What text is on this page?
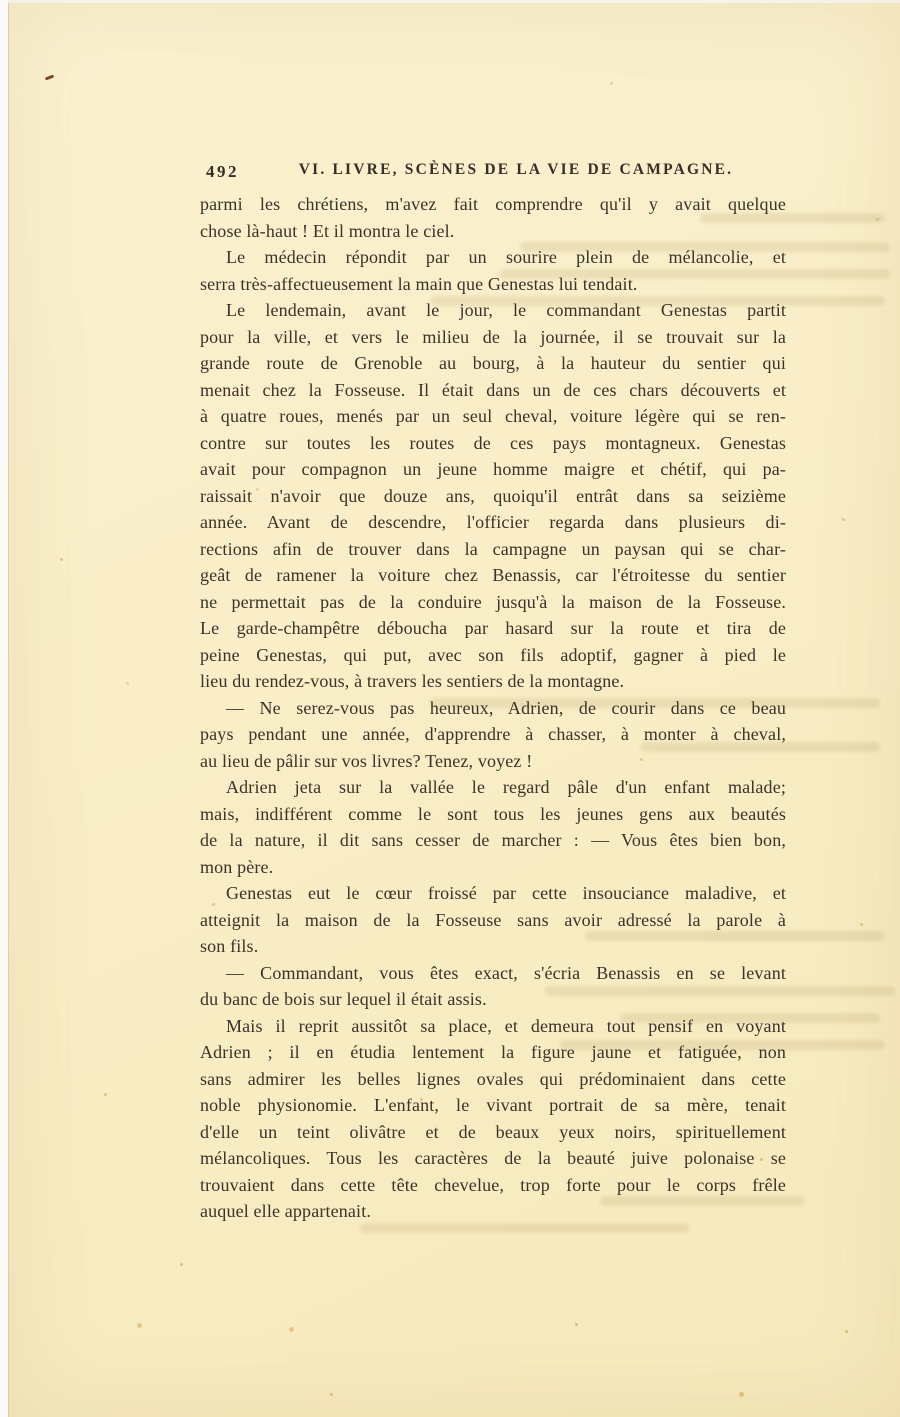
492	VI. LIVRE, SCÈNES DE LA VIE DE CAMPAGNE.
parmi les chrétiens, m'avez fait comprendre qu'il y avait quelque
chose là-haut ! Et il montra le ciel.
Le médecin répondit par un sourire plein de mélancolie, et
serra très-affectueusement la main que Genestas lui tendait.
Le lendemain, avant le jour, le commandant Genestas partit
pour la ville, et vers le milieu de la journée, il se trouvait sur la
grande route de Grenoble au bourg, à la hauteur du sentier qui
menait chez la Fosseuse. Il était dans un de ces chars découverts et
à quatre roues, menés par un seul cheval, voiture légère qui se ren-
contre sur toutes les routes de ces pays montagneux. Genestas
avait pour compagnon un jeune homme maigre et chétif, qui pa-
raissait n'avoir que douze ans, quoiqu'il entrât dans sa seizième
année. Avant de descendre, l'officier regarda dans plusieurs di-
rections afin de trouver dans la campagne un paysan qui se char-
geât de ramener la voiture chez Benassis, car l'étroitesse du sentier
ne permettait pas de la conduire jusqu'à la maison de la Fosseuse.
Le garde-champêtre déboucha par hasard sur la route et tira de
peine Genestas, qui put, avec son fils adoptif, gagner à pied le
lieu du rendez-vous, à travers les sentiers de la montagne.
— Ne serez-vous pas heureux, Adrien, de courir dans ce beau
pays pendant une année, d'apprendre à chasser, à monter à cheval,
au lieu de pâlir sur vos livres? Tenez, voyez !
Adrien jeta sur la vallée le regard pâle d'un enfant malade;
mais, indifférent comme le sont tous les jeunes gens aux beautés
de la nature, il dit sans cesser de marcher : — Vous êtes bien bon,
mon père.
Genestas eut le cœur froissé par cette insouciance maladive, et
atteignit la maison de la Fosseuse sans avoir adressé la parole à
son fils.
— Commandant, vous êtes exact, s'écria Benassis en se levant
du banc de bois sur lequel il était assis.
Mais il reprit aussitôt sa place, et demeura tout pensif en voyant
Adrien ; il en étudia lentement la figure jaune et fatiguée, non
sans admirer les belles lignes ovales qui prédominaient dans cette
noble physionomie. L'enfant, le vivant portrait de sa mère, tenait
d'elle un teint olivâtre et de beaux yeux noirs, spirituellement
mélancoliques. Tous les caractères de la beauté juive polonaise se
trouvaient dans cette tête chevelue, trop forte pour le corps frêle
auquel elle appartenait.
